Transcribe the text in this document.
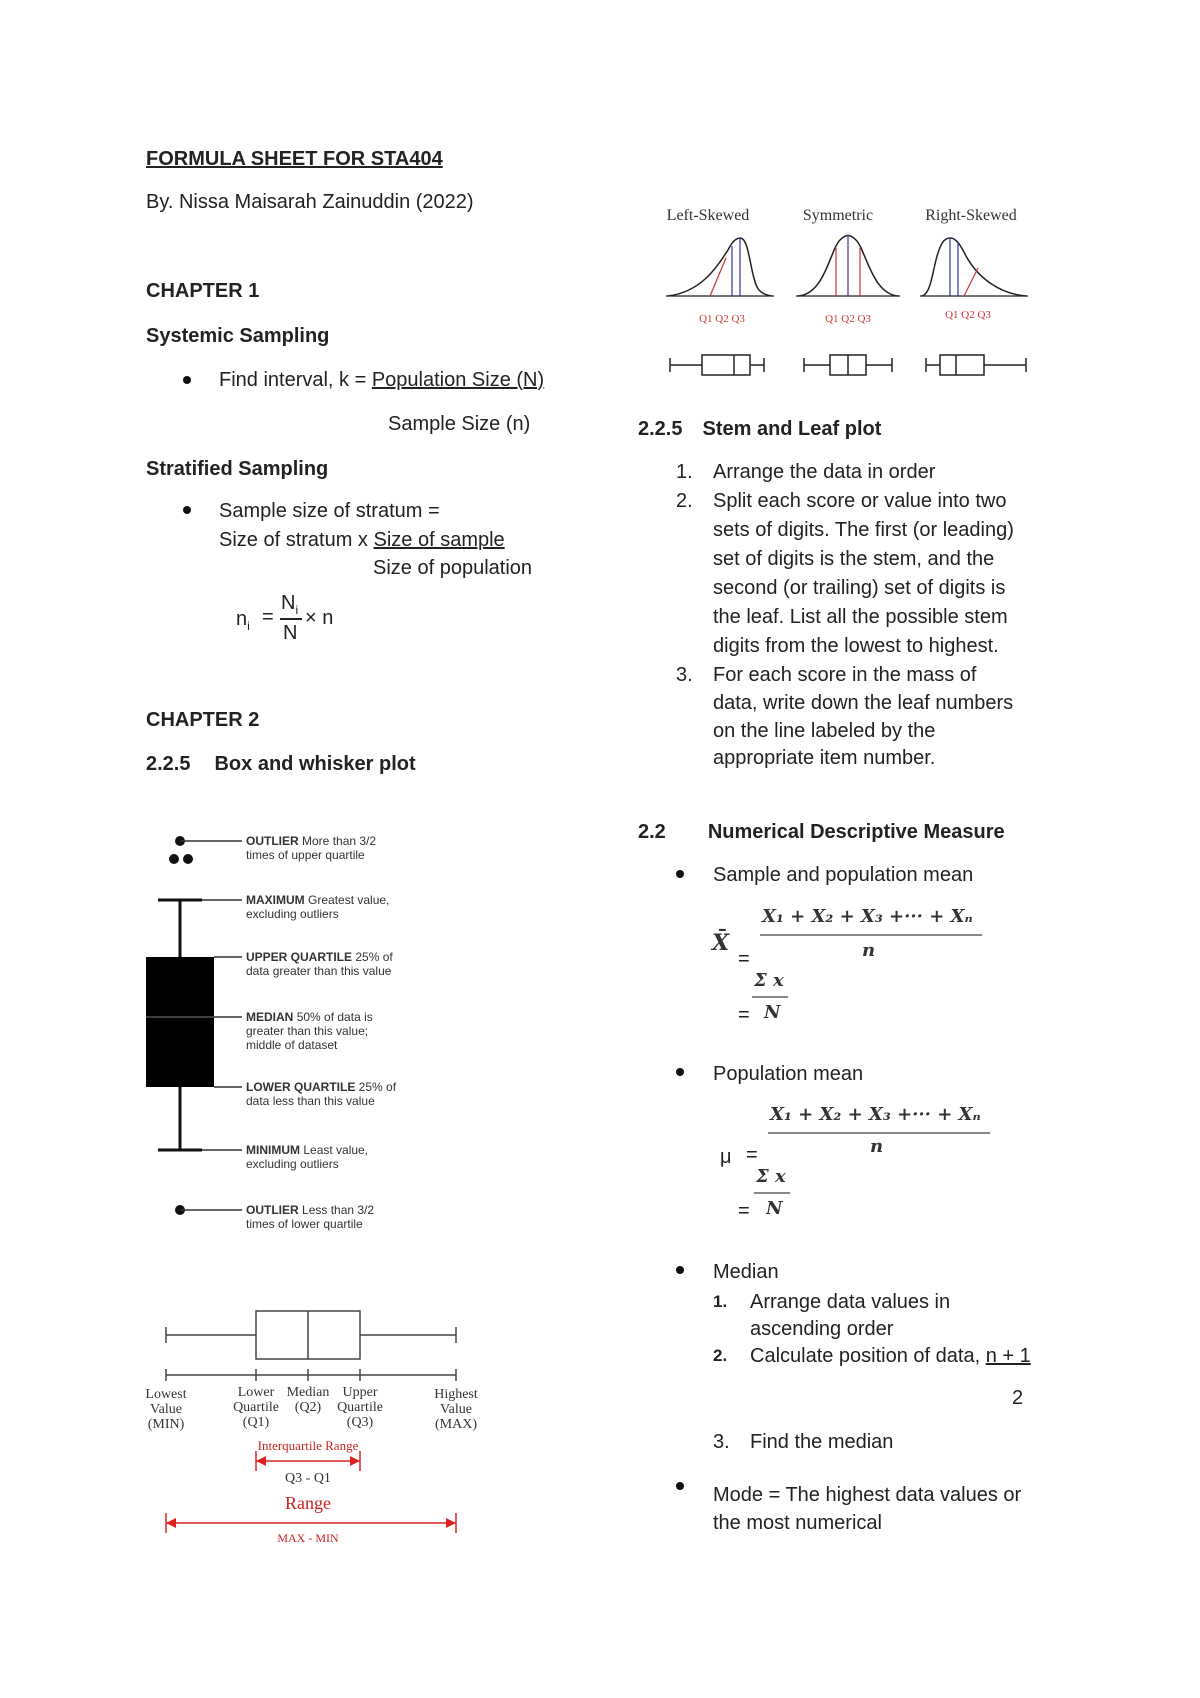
FORMULA SHEET FOR STA404
By. Nissa Maisarah Zainuddin (2022)
CHAPTER 1
Systemic Sampling
Find interval, k = Population Size (N)
Sample Size (n)
Stratified Sampling
Sample size of stratum =
Size of stratum x Size of sample
Size of population
$n_i$ =
$N_i$
N
× n
CHAPTER 2
2.2.5 Box and whisker plot
OUTLIER More than 3/2
times of upper quartile
MAXIMUM Greatest value,
excluding outliers
UPPER QUARTILE 25% of
data greater than this value
MEDIAN 50% of data is
greater than this value;
middle of dataset
LOWER QUARTILE 25% of
data less than this value
MINIMUM Least value,
excluding outliers
OUTLIER Less than 3/2
times of lower quartile
Lowest
Value
(MIN)
Lower
Quartile
(Q1)
Median
(Q2)
Upper
Quartile
(Q3)
Highest
Value
(MAX)
Interquartile Range
Q3 - Q1
Range
MAX - MIN
Left-Skewed	Symmetric	Right-Skewed
Q1 Q2 Q3	Q1 Q2 Q3	Q1 Q2 Q3
2.2.5 Stem and Leaf plot
1. Arrange the data in order
2. Split each score or value into two
sets of digits. The first (or leading)
set of digits is the stem, and the
second (or trailing) set of digits is
the leaf. List all the possible stem
digits from the lowest to highest.
3. For each score in the mass of
data, write down the leaf numbers
on the line labeled by the
appropriate item number.
2.2 Numerical Descriptive Measure
Sample and population mean
X₁ + X₂ + X₃ +··· + Xₙ
X̄
=	n
Σ x
= N
Population mean
X₁ + X₂ + X₃ +··· + Xₙ
μ =	n
Σ x
= N
Median
1. Arrange data values in
ascending order
2. Calculate position of data, n + 1
2
3. Find the median
Mode = The highest data values or
the most numerical
